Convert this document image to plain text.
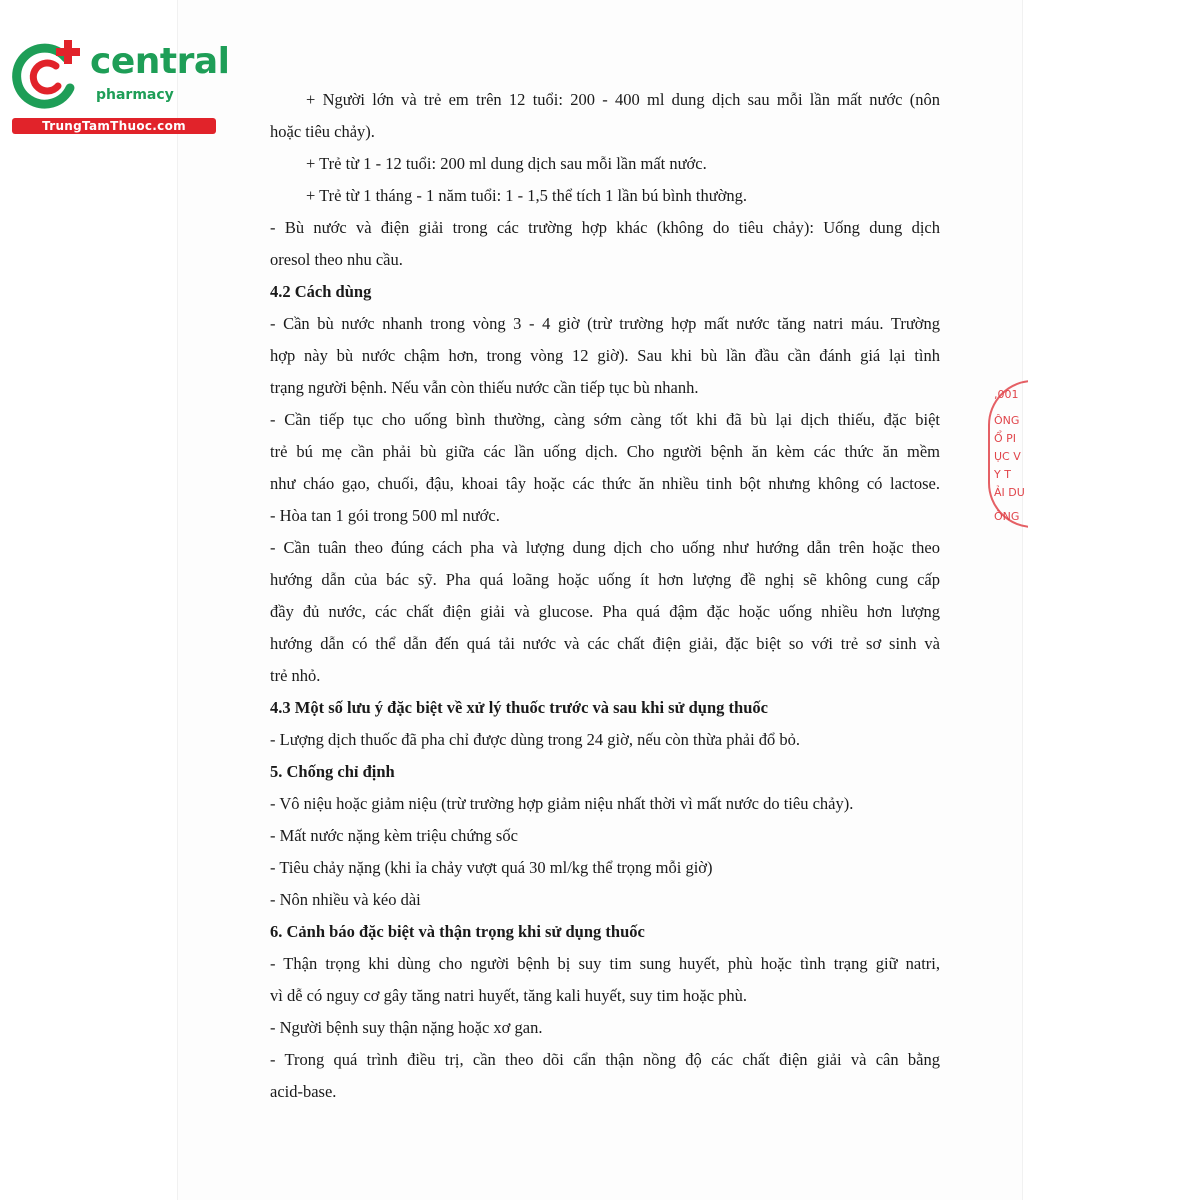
central
pharmacy
TrungTamThuoc.com
+ Người lớn và trẻ em trên 12 tuổi: 200 - 400 ml dung dịch sau mỗi lần mất nước (nôn
hoặc tiêu chảy).
+ Trẻ từ 1 - 12 tuổi: 200 ml dung dịch sau mỗi lần mất nước.
+ Trẻ từ 1 tháng - 1 năm tuổi: 1 - 1,5 thể tích 1 lần bú bình thường.
- Bù nước và điện giải trong các trường hợp khác (không do tiêu chảy): Uống dung dịch
oresol theo nhu cầu.
4.2 Cách dùng
- Cần bù nước nhanh trong vòng 3 - 4 giờ (trừ trường hợp mất nước tăng natri máu. Trường
hợp này bù nước chậm hơn, trong vòng 12 giờ). Sau khi bù lần đầu cần đánh giá lại tình
trạng người bệnh. Nếu vẫn còn thiếu nước cần tiếp tục bù nhanh.
- Cần tiếp tục cho uống bình thường, càng sớm càng tốt khi đã bù lại dịch thiếu, đặc biệt
trẻ bú mẹ cần phải bù giữa các lần uống dịch. Cho người bệnh ăn kèm các thức ăn mềm
như cháo gạo, chuối, đậu, khoai tây hoặc các thức ăn nhiều tinh bột nhưng không có lactose.
- Hòa tan 1 gói trong 500 ml nước.
- Cần tuân theo đúng cách pha và lượng dung dịch cho uống như hướng dẫn trên hoặc theo
hướng dẫn của bác sỹ. Pha quá loãng hoặc uống ít hơn lượng đề nghị sẽ không cung cấp
đầy đủ nước, các chất điện giải và glucose. Pha quá đậm đặc hoặc uống nhiều hơn lượng
hướng dẫn có thể dẫn đến quá tải nước và các chất điện giải, đặc biệt so với trẻ sơ sinh và
trẻ nhỏ.
4.3 Một số lưu ý đặc biệt về xử lý thuốc trước và sau khi sử dụng thuốc
- Lượng dịch thuốc đã pha chỉ được dùng trong 24 giờ, nếu còn thừa phải đổ bỏ.
5. Chống chỉ định
- Vô niệu hoặc giảm niệu (trừ trường hợp giảm niệu nhất thời vì mất nước do tiêu chảy).
- Mất nước nặng kèm triệu chứng sốc
- Tiêu chảy nặng (khi ỉa chảy vượt quá 30 ml/kg thể trọng mỗi giờ)
- Nôn nhiều và kéo dài
6. Cảnh báo đặc biệt và thận trọng khi sử dụng thuốc
- Thận trọng khi dùng cho người bệnh bị suy tim sung huyết, phù hoặc tình trạng giữ natri,
vì dễ có nguy cơ gây tăng natri huyết, tăng kali huyết, suy tim hoặc phù.
- Người bệnh suy thận nặng hoặc xơ gan.
- Trong quá trình điều trị, cần theo dõi cẩn thận nồng độ các chất điện giải và cân bằng
acid-base.
,001
ÔNG
Ổ PI
ỤC V
Y T
ẢI DU
ÔNG
